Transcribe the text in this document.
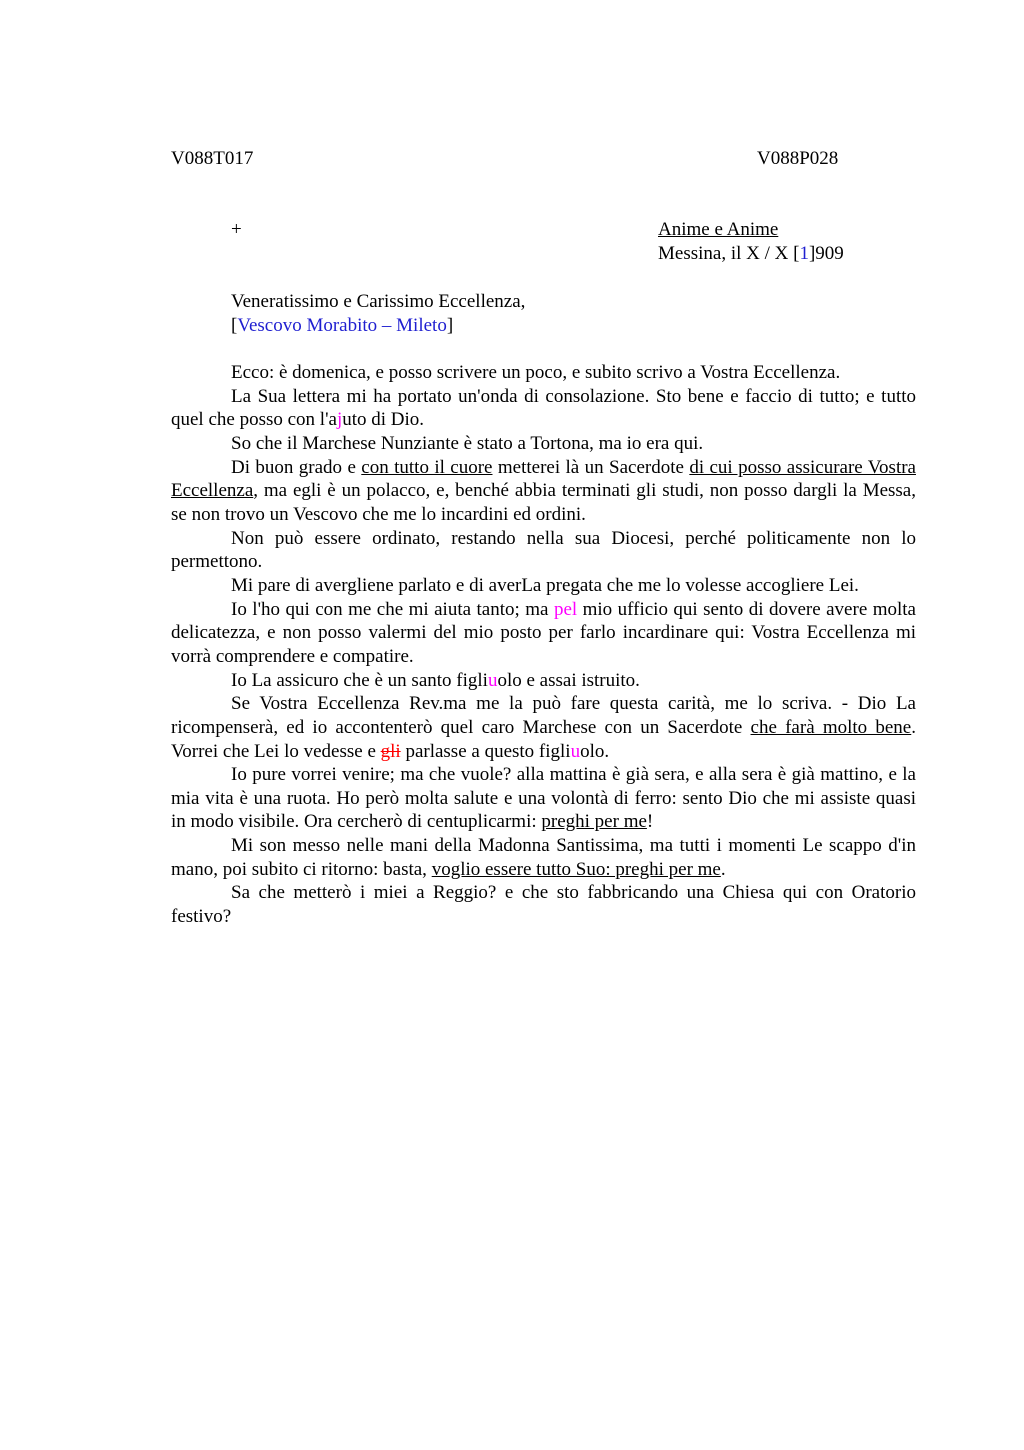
V088T017	V088P028
+	Anime e Anime
Messina, il X / X [1]909
Veneratissimo e Carissimo Eccellenza,
[Vescovo Morabito – Mileto]

Ecco: è domenica, e posso scrivere un poco, e subito scrivo a Vostra Eccellenza.

La Sua lettera mi ha portato un'onda di consolazione. Sto bene e faccio di tutto; e tutto quel che posso con l'ajuto di Dio.

So che il Marchese Nunziante è stato a Tortona, ma io era qui.

Di buon grado e con tutto il cuore metterei là un Sacerdote di cui posso assicurare Vostra Eccellenza, ma egli è un polacco, e, benché abbia terminati gli studi, non posso dargli la Messa, se non trovo un Vescovo che me lo incardini ed ordini.

Non può essere ordinato, restando nella sua Diocesi, perché politicamente non lo permettono.

Mi pare di avergliene parlato e di averLa pregata che me lo volesse accogliere Lei.

Io l'ho qui con me che mi aiuta tanto; ma pel mio ufficio qui sento di dovere avere molta delicatezza, e non posso valermi del mio posto per farlo incardinare qui: Vostra Eccellenza mi vorrà comprendere e compatire.

Io La assicuro che è un santo figliuolo e assai istruito.

Se Vostra Eccellenza Rev.ma me la può fare questa carità, me lo scriva. - Dio La ricompenserà, ed io accontenterò quel caro Marchese con un Sacerdote che farà molto bene. Vorrei che Lei lo vedesse e gli parlasse a questo figliuolo.

Io pure vorrei venire; ma che vuole? alla mattina è già sera, e alla sera è già mattino, e la mia vita è una ruota. Ho però molta salute e una volontà di ferro: sento Dio che mi assiste quasi in modo visibile. Ora cercherò di centuplicarmi: preghi per me!

Mi son messo nelle mani della Madonna Santissima, ma tutti i momenti Le scappo d'in mano, poi subito ci ritorno: basta, voglio essere tutto Suo: preghi per me.

Sa che metterò i miei a Reggio? e che sto fabbricando una Chiesa qui con Oratorio festivo?
